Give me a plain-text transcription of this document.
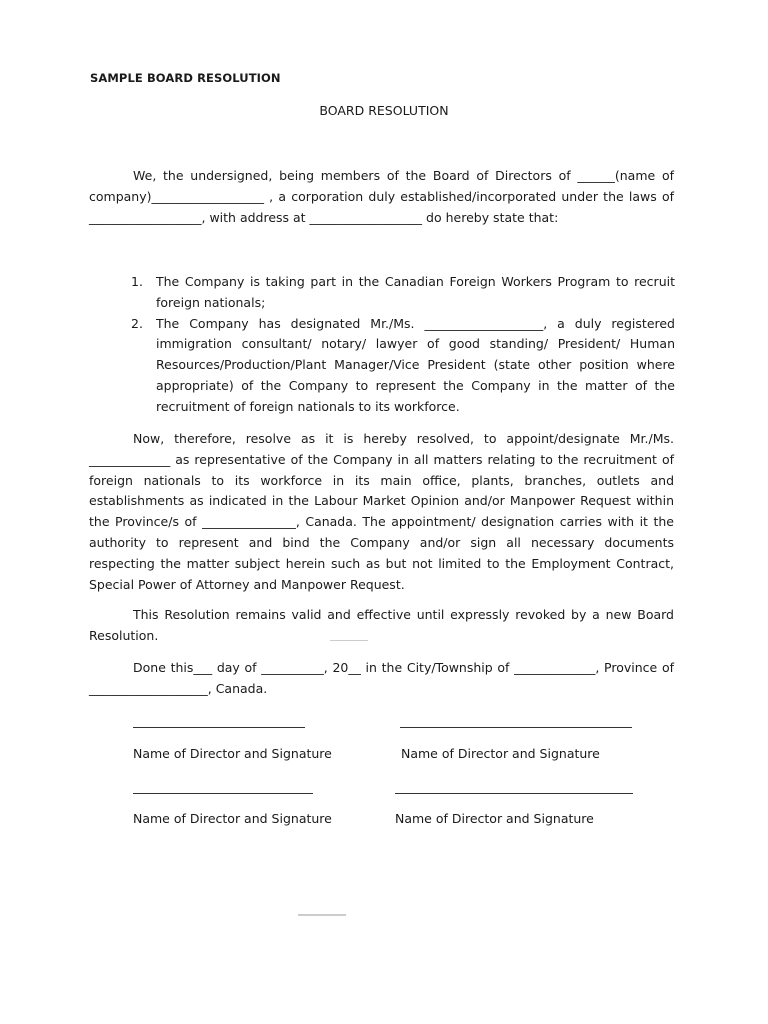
SAMPLE BOARD RESOLUTION
BOARD RESOLUTION
We, the undersigned, being members of the Board of Directors of ______(name of company)__________________ , a corporation duly established/incorporated under the laws of __________________, with address at __________________ do hereby state that:
1. The Company is taking part in the Canadian Foreign Workers Program to recruit foreign nationals;
2. The Company has designated Mr./Ms. ___________________, a duly registered immigration consultant/ notary/ lawyer of good standing/ President/ Human Resources/Production/Plant Manager/Vice President (state other position where appropriate) of the Company to represent the Company in the matter of the recruitment of foreign nationals to its workforce.
Now, therefore, resolve as it is hereby resolved, to appoint/designate Mr./Ms. _____________ as representative of the Company in all matters relating to the recruitment of foreign nationals to its workforce in its main office, plants, branches, outlets and establishments as indicated in the Labour Market Opinion and/or Manpower Request within the Province/s of _______________, Canada. The appointment/ designation carries with it the authority to represent and bind the Company and/or sign all necessary documents respecting the matter subject herein such as but not limited to the Employment Contract, Special Power of Attorney and Manpower Request.
This Resolution remains valid and effective until expressly revoked by a new Board Resolution.
Done this___ day of __________, 20__ in the City/Township of _____________, Province of ___________________, Canada.
Name of Director and Signature	Name of Director and Signature
Name of Director and Signature	Name of Director and Signature
